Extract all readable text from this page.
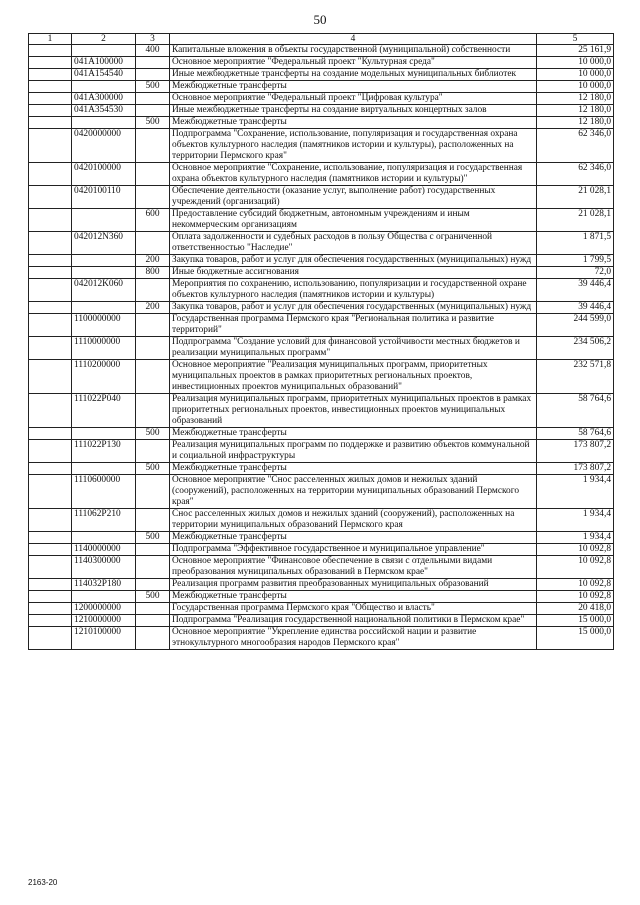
50
1	2	3	4	5
		400	Капитальные вложения в объекты государственной (муниципальной) собственности	25 161,9
	041A100000		Основное мероприятие "Федеральный проект "Культурная среда"	10 000,0
	041A154540		Иные межбюджетные трансферты на создание модельных муниципальных библиотек	10 000,0
		500	Межбюджетные трансферты	10 000,0
	041A300000		Основное мероприятие "Федеральный проект "Цифровая культура"	12 180,0
	041A354530		Иные межбюджетные трансферты на создание виртуальных концертных залов	12 180,0
		500	Межбюджетные трансферты	12 180,0
	0420000000		Подпрограмма "Сохранение, использование, популяризация и государственная охрана объектов культурного наследия (памятников истории и культуры), расположенных на территории Пермского края"	62 346,0
	0420100000		Основное мероприятие "Сохранение, использование, популяризация и государственная охрана объектов культурного наследия (памятников истории и культуры)"	62 346,0
	0420100110		Обеспечение деятельности (оказание услуг, выполнение работ) государственных учреждений (организаций)	21 028,1
		600	Предоставление субсидий бюджетным, автономным учреждениям и иным некоммерческим организациям	21 028,1
	042012N360		Оплата задолженности и судебных расходов в пользу Общества с ограниченной ответственностью "Наследие"	1 871,5
		200	Закупка товаров, работ и услуг для обеспечения государственных (муниципальных) нужд	1 799,5
		800	Иные бюджетные ассигнования	72,0
	042012K060		Мероприятия по сохранению, использованию, популяризации и государственной охране объектов культурного наследия (памятников истории и культуры)	39 446,4
		200	Закупка товаров, работ и услуг для обеспечения государственных (муниципальных) нужд	39 446,4
	1100000000		Государственная программа Пермского края "Региональная политика и развитие территорий"	244 599,0
	1110000000		Подпрограмма "Создание условий для финансовой устойчивости местных бюджетов и реализации муниципальных программ"	234 506,2
	1110200000		Основное мероприятие "Реализация муниципальных программ, приоритетных муниципальных проектов в рамках приоритетных региональных проектов, инвестиционных проектов муниципальных образований"	232 571,8
	111022P040		Реализация муниципальных программ, приоритетных муниципальных проектов в рамках приоритетных региональных проектов, инвестиционных проектов муниципальных образований	58 764,6
		500	Межбюджетные трансферты	58 764,6
	111022P130		Реализация муниципальных программ по поддержке и развитию объектов коммунальной и социальной инфраструктуры	173 807,2
		500	Межбюджетные трансферты	173 807,2
	1110600000		Основное мероприятие "Снос расселенных жилых домов и нежилых зданий (сооружений), расположенных на территории муниципальных образований Пермского края"	1 934,4
	111062P210		Снос расселенных жилых домов и нежилых зданий (сооружений), расположенных на территории муниципальных образований Пермского края	1 934,4
		500	Межбюджетные трансферты	1 934,4
	1140000000		Подпрограмма "Эффективное государственное и муниципальное управление"	10 092,8
	1140300000		Основное мероприятие "Финансовое обеспечение в связи с отдельными видами преобразования муниципальных образований в Пермском крае"	10 092,8
	114032P180		Реализация программ развития преобразованных муниципальных образований	10 092,8
		500	Межбюджетные трансферты	10 092,8
	1200000000		Государственная программа Пермского края "Общество и власть"	20 418,0
	1210000000		Подпрограмма "Реализация государственной национальной политики в Пермском крае"	15 000,0
	1210100000		Основное мероприятие "Укрепление единства российской нации и развитие этнокультурного многообразия народов Пермского края"	15 000,0
2163-20
